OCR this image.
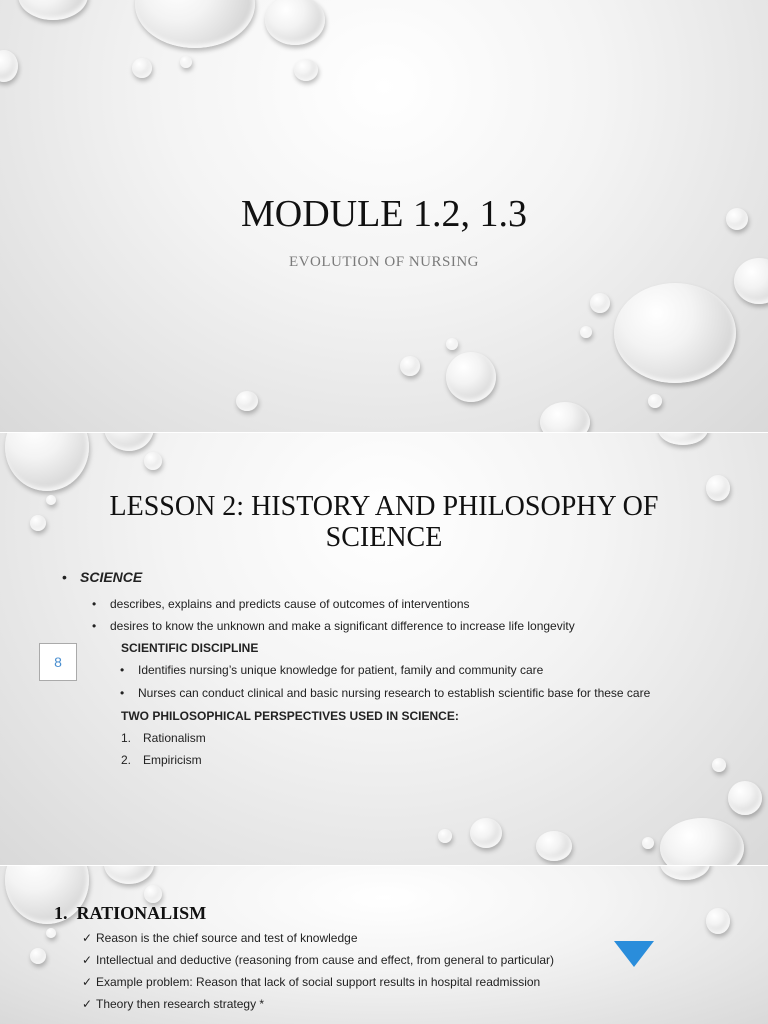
MODULE 1.2, 1.3
EVOLUTION OF NURSING
LESSON 2: HISTORY AND PHILOSOPHY OF SCIENCE
• SCIENCE
• describes, explains and predicts cause of outcomes of interventions
• desires to know the unknown and make a significant difference to increase life longevity
8
SCIENTIFIC DISCIPLINE
• Identifies nursing’s unique knowledge for patient, family and community care
• Nurses can conduct clinical and basic nursing research to establish scientific base for these care
TWO PHILOSOPHICAL PERSPECTIVES USED IN SCIENCE:
1. Rationalism
2. Empiricism
1. RATIONALISM
✓ Reason is the chief source and test of knowledge
✓ Intellectual and deductive (reasoning from cause and effect, from general to particular)
✓ Example problem: Reason that lack of social support results in hospital readmission
✓ Theory then research strategy *
